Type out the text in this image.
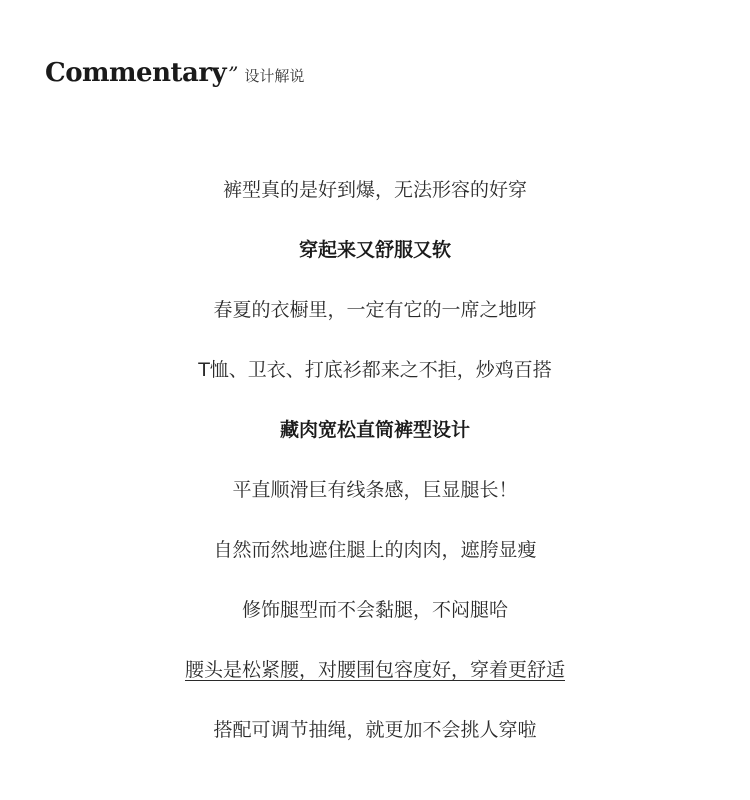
Commentary ” 设计解说
裤型真的是好到爆，无法形容的好穿
穿起来又舒服又软
春夏的衣橱里，一定有它的一席之地呀
T恤、卫衣、打底衫都来之不拒，炒鸡百搭
藏肉宽松直筒裤型设计
平直顺滑巨有线条感，巨显腿长！
自然而然地遮住腿上的肉肉，遮胯显瘦
修饰腿型而不会黏腿，不闷腿哈
腰头是松紧腰，对腰围包容度好，穿着更舒适
搭配可调节抽绳，就更加不会挑人穿啦
